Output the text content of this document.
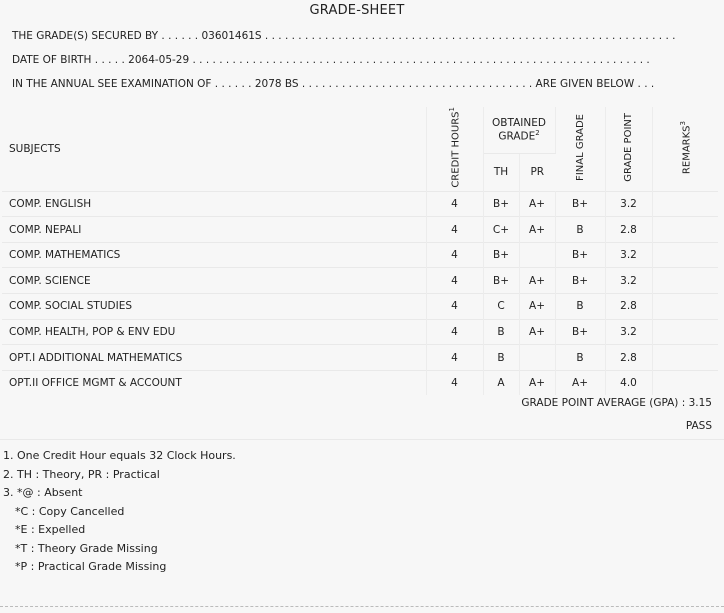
GRADE-SHEET
THE GRADE(S) SECURED BY . . . . . . 03601461S . . . . . . . . . . . . . . . . . . . . . . . . . . . . . . . . . . . . . . . . . . . . . . . . . . . . . . . . . . . . . .
DATE OF BIRTH . . . . . 2064-05-29 . . . . . . . . . . . . . . . . . . . . . . . . . . . . . . . . . . . . . . . . . . . . . . . . . . . . . . . . . . . . . . . . . . . . .
IN THE ANNUAL SEE EXAMINATION OF . . . . . . 2078 BS . . . . . . . . . . . . . . . . . . . . . . . . . . . . . . . . . . . ARE GIVEN BELOW . . .
SUBJECTS	CREDIT HOURS$^1$	OBTAINED GRADE$^2$		FINAL GRADE	GRADE POINT	REMARKS$^3$
		TH	PR			
COMP. ENGLISH	4	B+	A+	B+	3.2	
COMP. NEPALI	4	C+	A+	B	2.8	
COMP. MATHEMATICS	4	B+		B+	3.2	
COMP. SCIENCE	4	B+	A+	B+	3.2	
COMP. SOCIAL STUDIES	4	C	A+	B	2.8	
COMP. HEALTH, POP & ENV EDU	4	B	A+	B+	3.2	
OPT.I ADDITIONAL MATHEMATICS	4	B		B	2.8	
OPT.II OFFICE MGMT & ACCOUNT	4	A	A+	A+	4.0	
GRADE POINT AVERAGE (GPA) : 3.15
PASS
1. One Credit Hour equals 32 Clock Hours.
2. TH : Theory, PR : Practical
3. *@ : Absent
*C : Copy Cancelled
*E : Expelled
*T : Theory Grade Missing
*P : Practical Grade Missing
